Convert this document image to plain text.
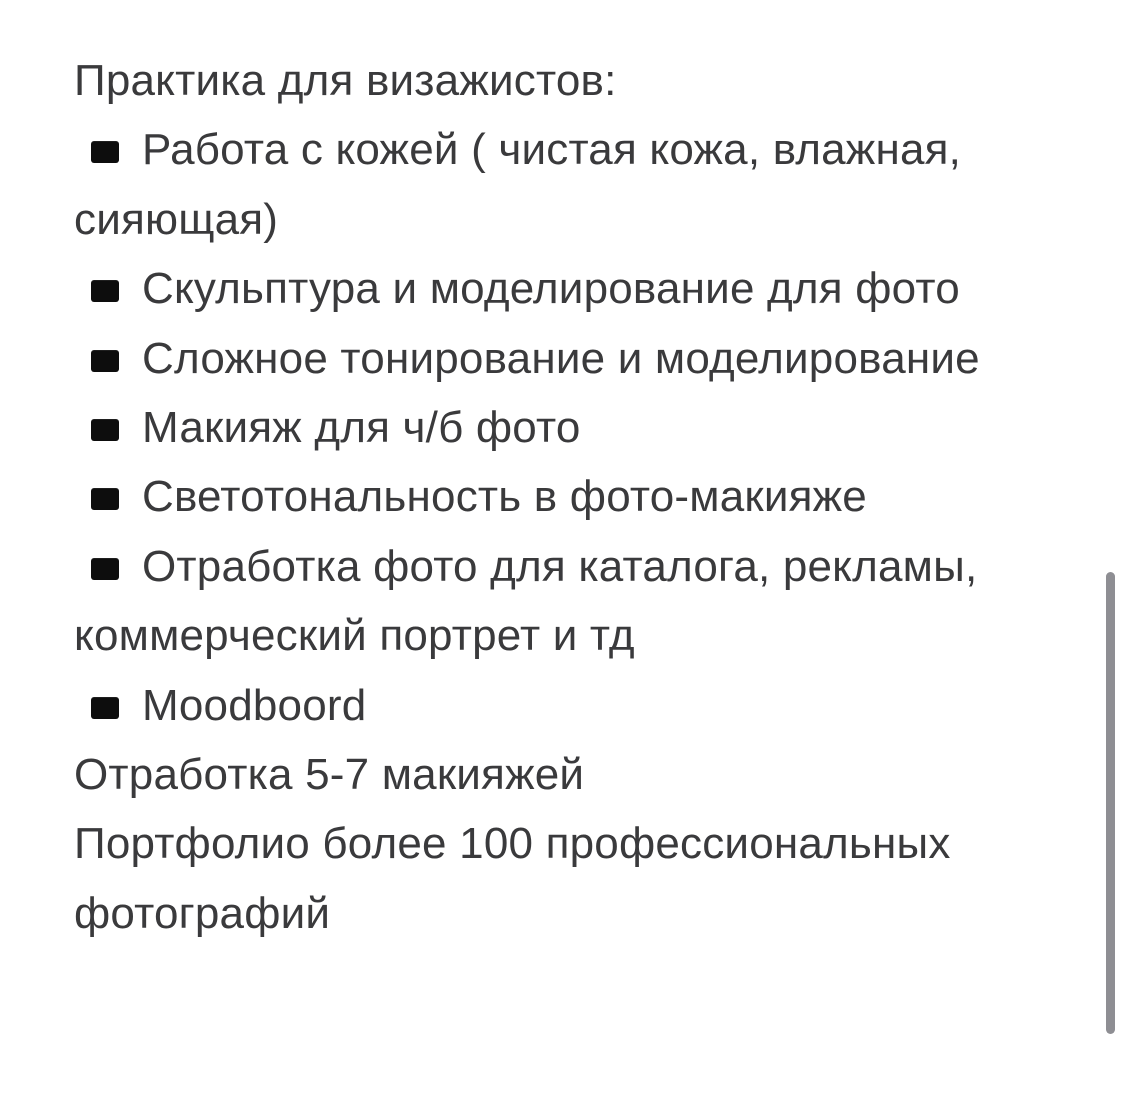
Практика для визажистов:

Работа с кожей ( чистая кожа, влажная, сияющая)

Скульптура и моделирование для фото

Сложное тонирование и моделирование

Макияж для ч/б фото

Светотональность в фото-макияже

Отработка фото для каталога, рекламы, коммерческий портрет и тд

Moodboord

Отработка 5-7 макияжей

Портфолио более 100 профессиональных фотографий
